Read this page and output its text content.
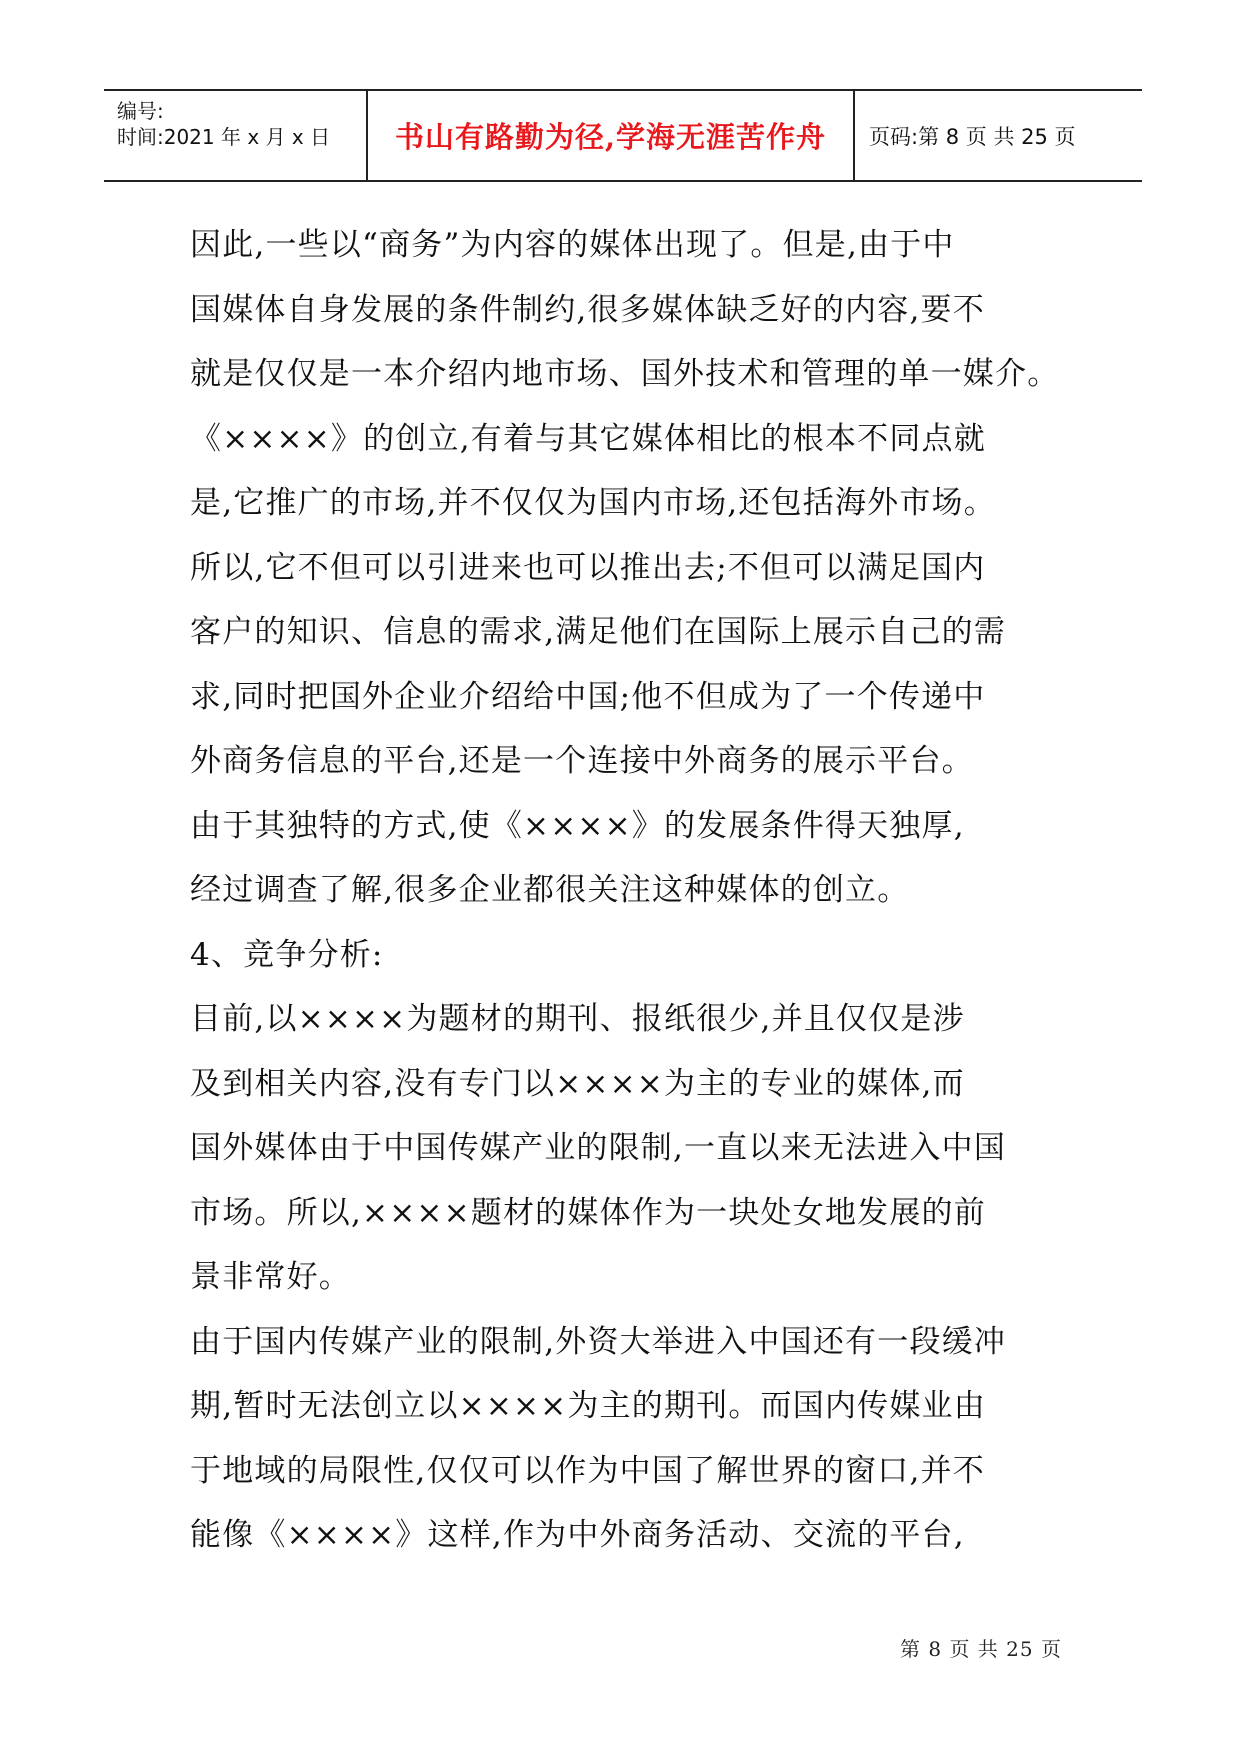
编号:
时间:2021 年 x 月 x 日	书山有路勤为径,学海无涯苦作舟	页码:第 8 页 共 25 页

因此,一些以“商务”为内容的媒体出现了。但是,由于中

国媒体自身发展的条件制约,很多媒体缺乏好的内容,要不

就是仅仅是一本介绍内地市场、国外技术和管理的单一媒介。

《××××》的创立,有着与其它媒体相比的根本不同点就

是,它推广的市场,并不仅仅为国内市场,还包括海外市场。

所以,它不但可以引进来也可以推出去;不但可以满足国内

客户的知识、信息的需求,满足他们在国际上展示自己的需

求,同时把国外企业介绍给中国;他不但成为了一个传递中

外商务信息的平台,还是一个连接中外商务的展示平台。

由于其独特的方式,使《××××》的发展条件得天独厚,

经过调查了解,很多企业都很关注这种媒体的创立。

4、竞争分析:

目前,以××××为题材的期刊、报纸很少,并且仅仅是涉

及到相关内容,没有专门以××××为主的专业的媒体,而

国外媒体由于中国传媒产业的限制,一直以来无法进入中国

市场。所以,××××题材的媒体作为一块处女地发展的前

景非常好。

由于国内传媒产业的限制,外资大举进入中国还有一段缓冲

期,暂时无法创立以××××为主的期刊。而国内传媒业由

于地域的局限性,仅仅可以作为中国了解世界的窗口,并不

能像《××××》这样,作为中外商务活动、交流的平台,

第 8 页 共 25 页
